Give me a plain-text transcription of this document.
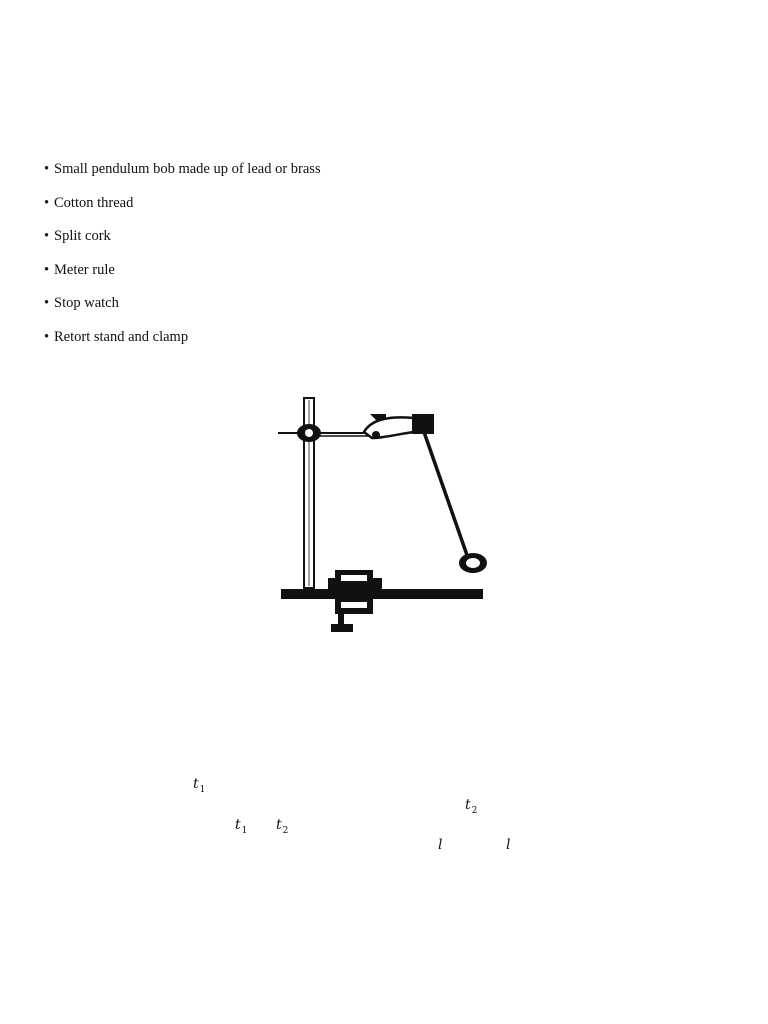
• Small pendulum bob made up of lead or brass
• Cotton thread
• Split cork
• Meter rule
• Stop watch
• Retort stand and clamp
$t_1$
$t_2$
$t_1$ $t_2$
l	l
